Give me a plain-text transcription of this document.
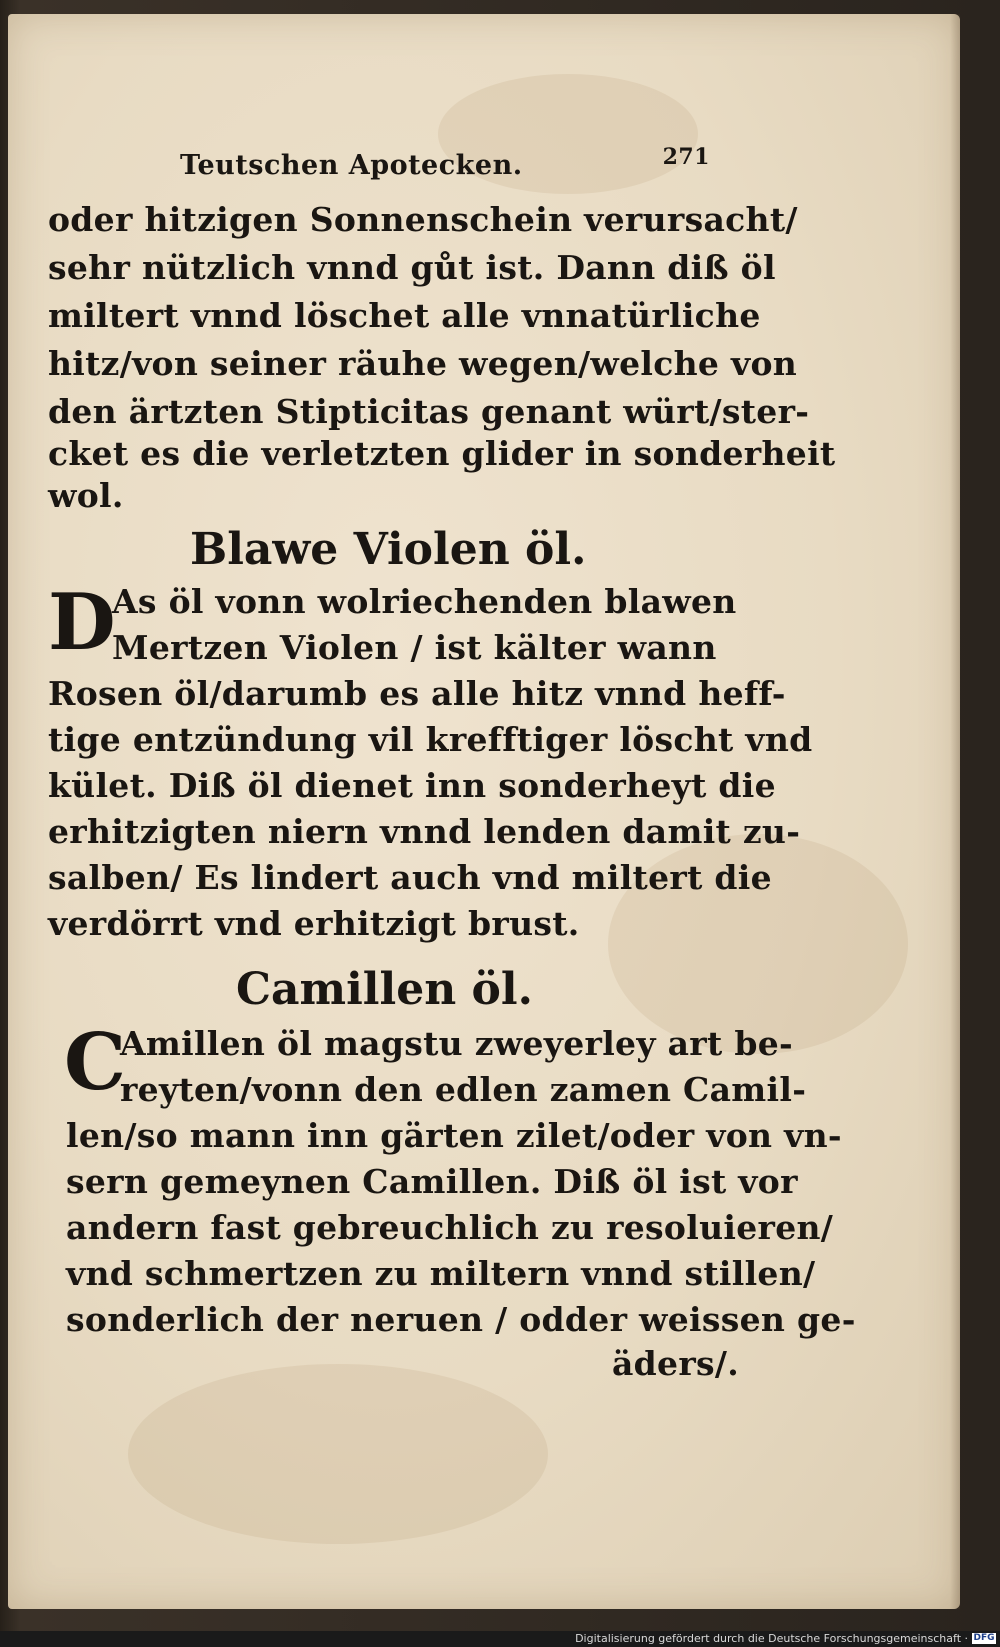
Teutschen Apotecken.	271
oder hitzigen Sonnenschein verursacht/
sehr nützlich vnnd gůt ist. Dann diß öl
miltert vnnd löschet alle vnnatürliche
hitz/von seiner räuhe wegen/welche von
den ärtzten Stipticitas genant würt/ster-
cket es die verletzten glider in sonderheit
wol.
Blawe Violen öl.
D
As öl vonn wolriechenden blawen
Mertzen Violen / ist kälter wann
Rosen öl/darumb es alle hitz vnnd heff-
tige entzündung vil krefftiger löscht vnd
kület. Diß öl dienet inn sonderheyt die
erhitzigten niern vnnd lenden damit zu-
salben/ Es lindert auch vnd miltert die
verdörrt vnd erhitzigt brust.
Camillen öl.
C
Amillen öl magstu zweyerley art be-
reyten/vonn den edlen zamen Camil-
len/so mann inn gärten zilet/oder von vn-
sern gemeynen Camillen. Diß öl ist vor
andern fast gebreuchlich zu resoluieren/
vnd schmertzen zu miltern vnnd stillen/
sonderlich der neruen / odder weissen ge-
äders/.
Digitalisierung gefördert durch die Deutsche Forschungsgemeinschaft · DFG
